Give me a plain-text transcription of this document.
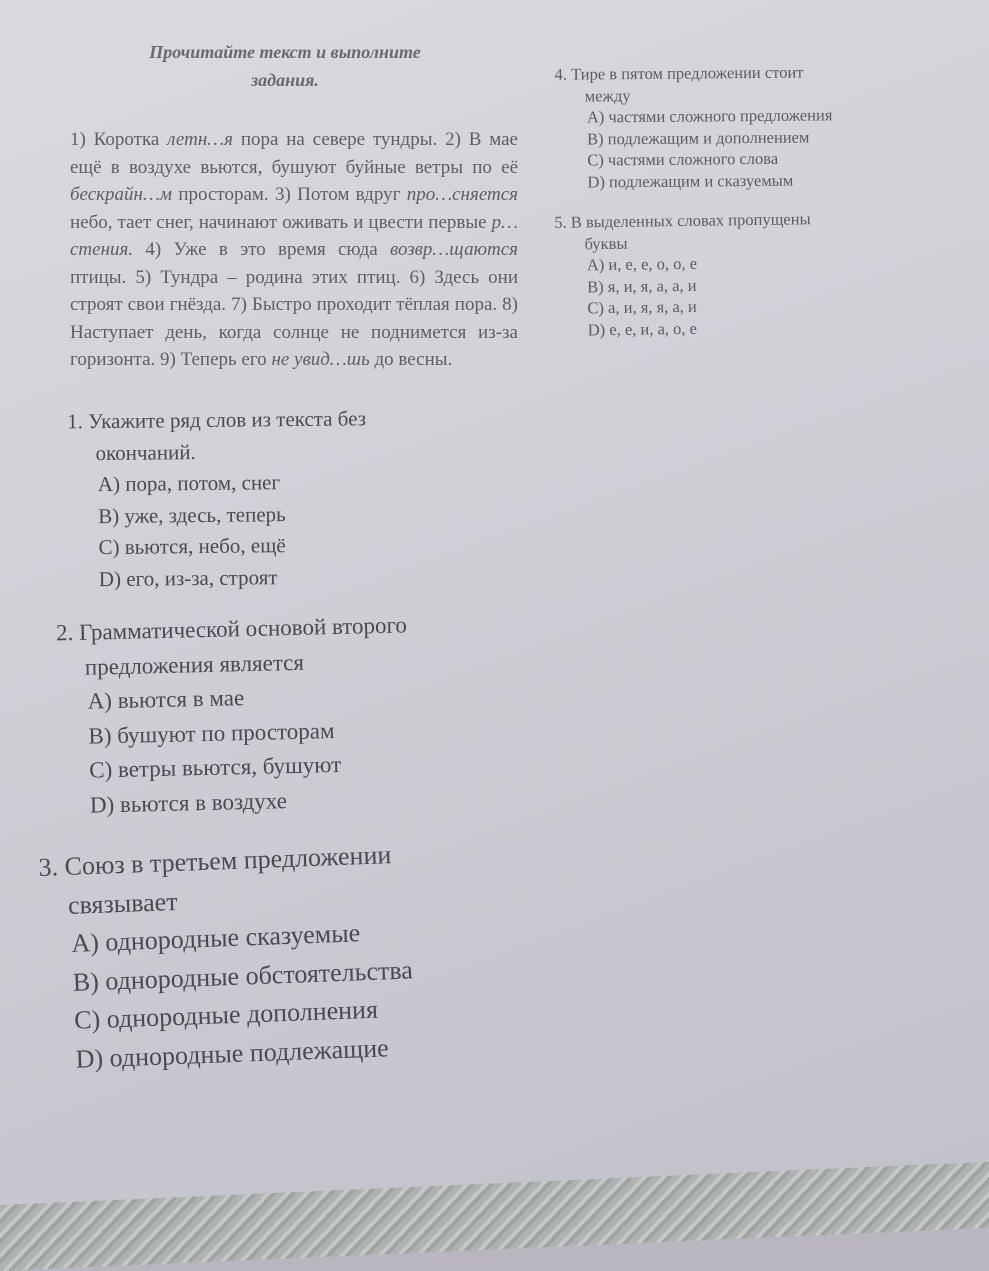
Прочитайте текст и выполните
задания.
1) Коротка летн…я пора на севере тундры. 2) В мае ещё в воздухе вьются, бушуют буйные ветры по её бескрайн…м просторам. 3) Потом вдруг про…сняется небо, тает снег, начинают оживать и цвести первые р…стения. 4) Уже в это время сюда возвр…щаются птицы. 5) Тундра – родина этих птиц. 6) Здесь они строят свои гнёзда. 7) Быстро проходит тёплая пора. 8) Наступает день, когда солнце не поднимется из-за горизонта. 9) Теперь его не увид…шь до весны.
1. Укажите ряд слов из текста без
окончаний.
A) пора, потом, снег
B) уже, здесь, теперь
C) вьются, небо, ещё
D) его, из-за, строят
2. Грамматической основой второго
предложения является
A) вьются в мае
B) бушуют по просторам
C) ветры вьются, бушуют
D) вьются в воздухе
3. Союз в третьем предложении
связывает
A) однородные сказуемые
B) однородные обстоятельства
C) однородные дополнения
D) однородные подлежащие
4. Тире в пятом предложении стоит
между
A) частями сложного предложения
B) подлежащим и дополнением
C) частями сложного слова
D) подлежащим и сказуемым
5. В выделенных словах пропущены
буквы
A) и, е, е, о, о, е
B) я, и, я, а, а, и
C) а, и, я, я, а, и
D) е, е, и, а, о, е
